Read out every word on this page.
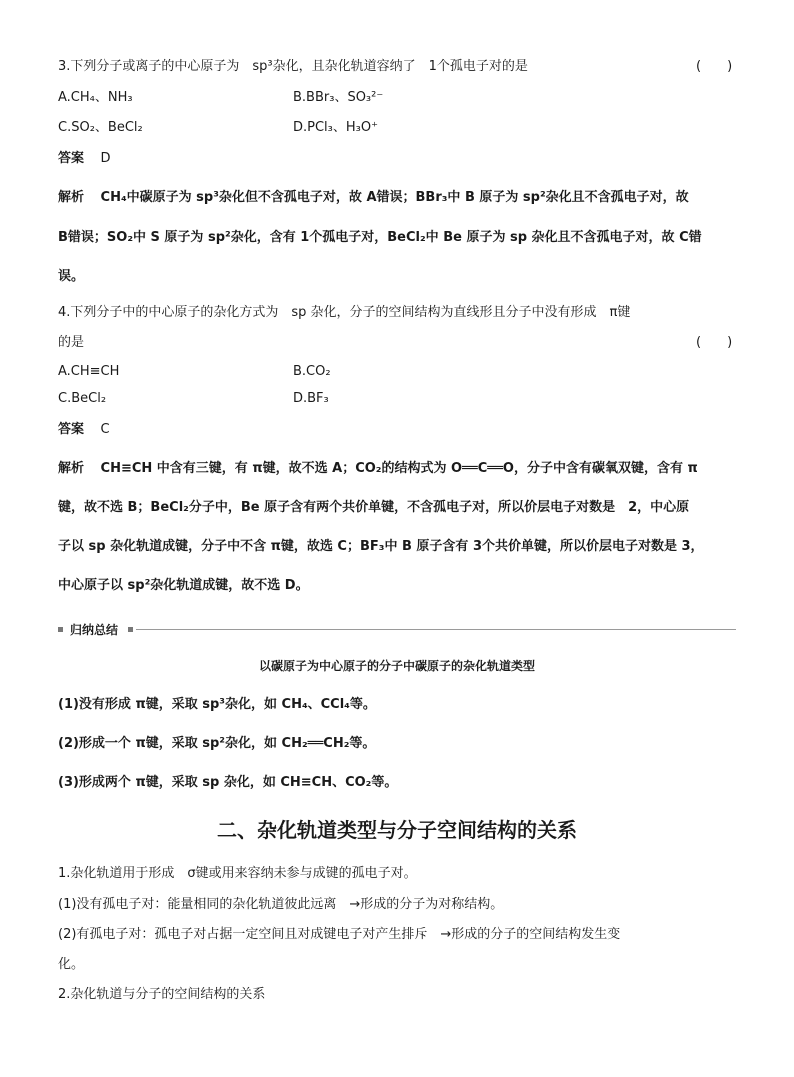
3.下列分子或离子的中心原子为　sp³杂化，且杂化轨道容纳了　1个孤电子对的是	(　　)
A.CH₄、NH₃	B.BBr₃、SO₃²⁻
C.SO₂、BeCl₂	D.PCl₃、H₃O⁺
答案 D
解析 CH₄中碳原子为 sp³杂化但不含孤电子对，故 A错误；BBr₃中 B 原子为 sp²杂化且不含孤电子对，故
B错误；SO₂中 S 原子为 sp²杂化，含有 1个孤电子对，BeCl₂中 Be 原子为 sp 杂化且不含孤电子对，故 C错
误。
4.下列分子中的中心原子的杂化方式为　sp 杂化，分子的空间结构为直线形且分子中没有形成　π键
的是	(　　)
A.CH≡CH	B.CO₂
C.BeCl₂	D.BF₃
答案 C
解析 CH≡CH 中含有三键，有 π键，故不选 A；CO₂的结构式为 O══C══O，分子中含有碳氧双键，含有 π
键，故不选 B；BeCl₂分子中，Be 原子含有两个共价单键，不含孤电子对，所以价层电子对数是　2，中心原
子以 sp 杂化轨道成键，分子中不含 π键，故选 C；BF₃中 B 原子含有 3个共价单键，所以价层电子对数是 3，
中心原子以 sp²杂化轨道成键，故不选 D。
归纳总结
以碳原子为中心原子的分子中碳原子的杂化轨道类型
(1)没有形成 π键，采取 sp³杂化，如 CH₄、CCl₄等。
(2)形成一个 π键，采取 sp²杂化，如 CH₂══CH₂等。
(3)形成两个 π键，采取 sp 杂化，如 CH≡CH、CO₂等。
二、杂化轨道类型与分子空间结构的关系
1.杂化轨道用于形成　σ键或用来容纳未参与成键的孤电子对。
(1)没有孤电子对：能量相同的杂化轨道彼此远离　→形成的分子为对称结构。
(2)有孤电子对：孤电子对占据一定空间且对成键电子对产生排斥　→形成的分子的空间结构发生变
化。
2.杂化轨道与分子的空间结构的关系
